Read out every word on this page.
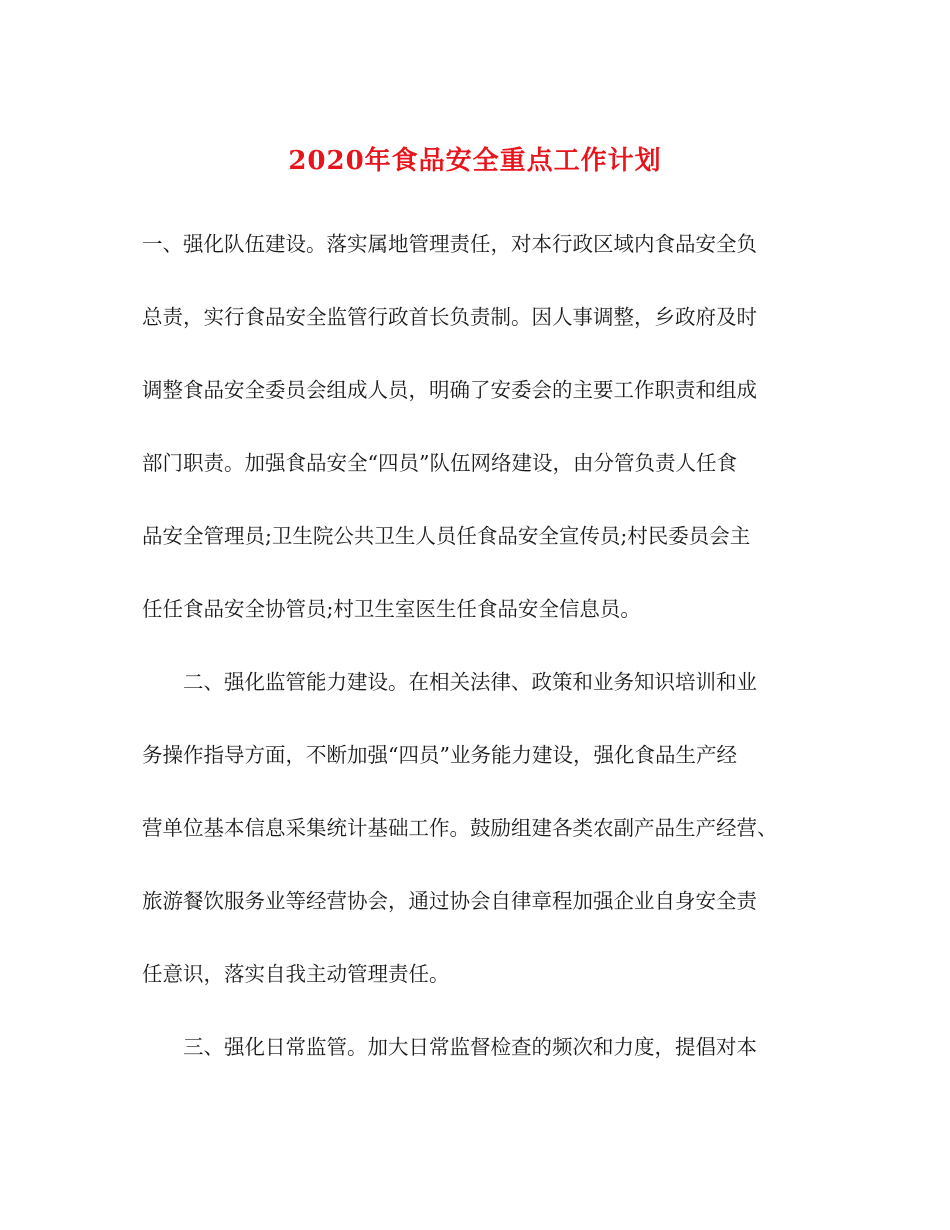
2020年食品安全重点工作计划
一、强化队伍建设。落实属地管理责任，对本行政区域内食品安全负
总责，实行食品安全监管行政首长负责制。因人事调整，乡政府及时
调整食品安全委员会组成人员，明确了安委会的主要工作职责和组成
部门职责。加强食品安全“四员”队伍网络建设，由分管负责人任食
品安全管理员;卫生院公共卫生人员任食品安全宣传员;村民委员会主
任任食品安全协管员;村卫生室医生任食品安全信息员。
　　二、强化监管能力建设。在相关法律、政策和业务知识培训和业
务操作指导方面，不断加强“四员”业务能力建设，强化食品生产经
营单位基本信息采集统计基础工作。鼓励组建各类农副产品生产经营、
旅游餐饮服务业等经营协会，通过协会自律章程加强企业自身安全责
任意识，落实自我主动管理责任。
　　三、强化日常监管。加大日常监督检查的频次和力度，提倡对本
